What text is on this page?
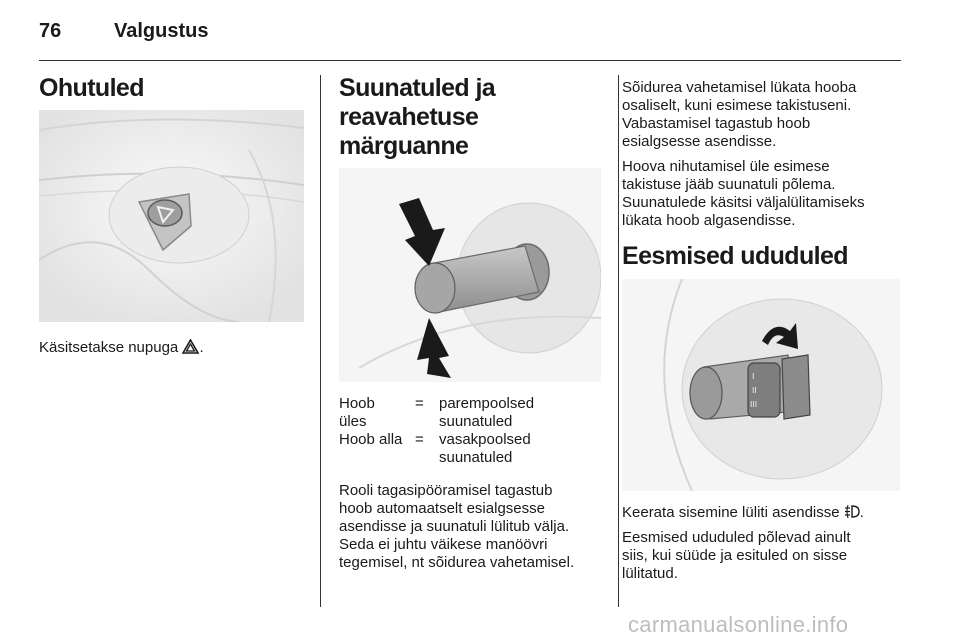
76	Valgustus
Ohutuled

Käsitsetakse nupuga .

Suunatuled ja reavahetuse
märguanne
Hoob
üles	=	parempoolsed
suunatuled
Hoob alla	=	vasakpoolsed
suunatuled

Rooli tagasipööramisel tagastub
hoob automaatselt esialgsesse
asendisse ja suunatuli lülitub välja.
Seda ei juhtu väikese manöövri
tegemisel, nt sõidurea vahetamisel.

Sõidurea vahetamisel lükata hooba
osaliselt, kuni esimese takistuseni.
Vabastamisel tagastub hoob
esialgsesse asendisse.

Hoova nihutamisel üle esimese
takistuse jääb suunatuli põlema.
Suunatulede käsitsi väljalülitamiseks
lükata hoob algasendisse.

Eesmised ududuled
I
II
III

Keerata sisemine lüliti asendisse .

Eesmised ududuled põlevad ainult
siis, kui süüde ja esituled on sisse
lülitatud.

carmanualsonline.info
